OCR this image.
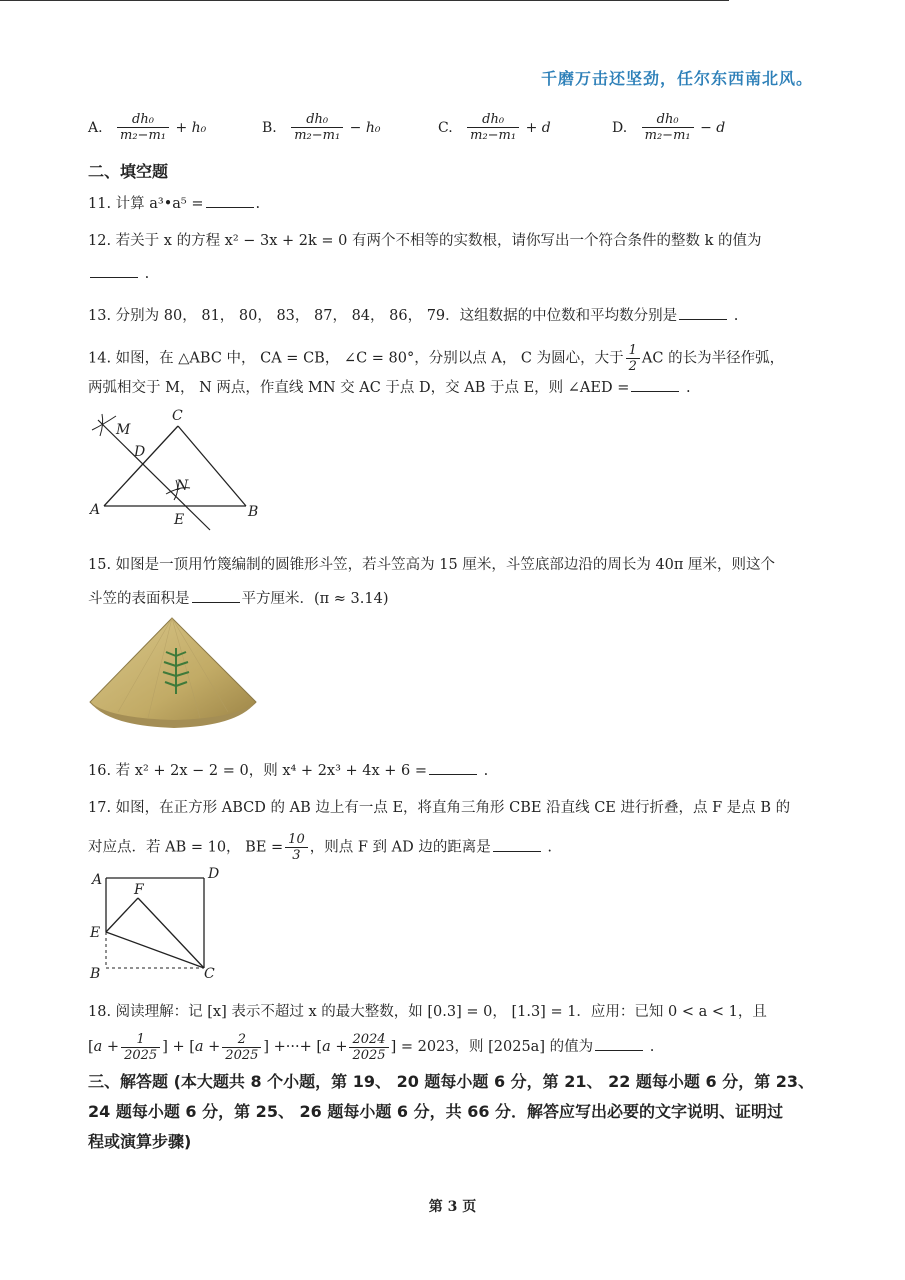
千磨万击还坚劲，任尔东西南北风。
A. $\frac{\text{dh₀}}{\text{m₂−m₁}} + h_0$	B. $\frac{\text{dh₀}}{\text{m₂−m₁}} - h_0$	C. $\frac{\text{dh₀}}{\text{m₂−m₁}} + d$	D. $\frac{\text{dh₀}}{\text{m₂−m₁}} - d$
二、填空题
11. 计算 a³•a⁵ =	.
12. 若关于 x 的方程 x² − 3x + 2k = 0 有两个不相等的实数根，请你写出一个符合条件的整数 k 的值为
.
13. 分别为 80， 81， 80， 83， 87， 84， 86， 79．这组数据的中位数和平均数分别是	.
14. 如图，在 △ABC 中， CA = CB， ∠C = 80°，分别以点 A， C 为圆心，大于 $\frac{1}{2}$ AC 的长为半径作弧，
两弧相交于 M， N 两点，作直线 MN 交 AC 于点 D，交 AB 于点 E，则 ∠AED =	.
C
M
D
N
A
E	B
15. 如图是一顶用竹篾编制的圆锥形斗笠，若斗笠高为 15 厘米，斗笠底部边沿的周长为 40π 厘米，则这个
斗笠的表面积是	平方厘米．(π ≈ 3.14)
16. 若 x² + 2x − 2 = 0，则 x⁴ + 2x³ + 4x + 6 =	.
17. 如图，在正方形 ABCD 的 AB 边上有一点 E，将直角三角形 CBE 沿直线 CE 进行折叠，点 F 是点 B 的
对应点．若 AB = 10， BE = $\frac{10}{3}$ ，则点 F 到 AD 边的距离是	.
A	D
F
E
B	C
18. 阅读理解：记 [x] 表示不超过 x 的最大整数，如 [0.3] = 0， [1.3] = 1．应用：已知 0 < a < 1，且
[$a + \frac{1}{2025}$ ] + [$a + \frac{2}{2025}$ ] +···+ [$a + \frac{2024}{2025}$ ] = 2023，则 [2025a] 的值为	.
三、解答题 (本大题共 8 个小题，第 19、 20 题每小题 6 分，第 21、 22 题每小题 6 分，第 23、
24 题每小题 6 分，第 25、 26 题每小题 6 分，共 66 分．解答应写出必要的文字说明、证明过
程或演算步骤)
第 3 页
